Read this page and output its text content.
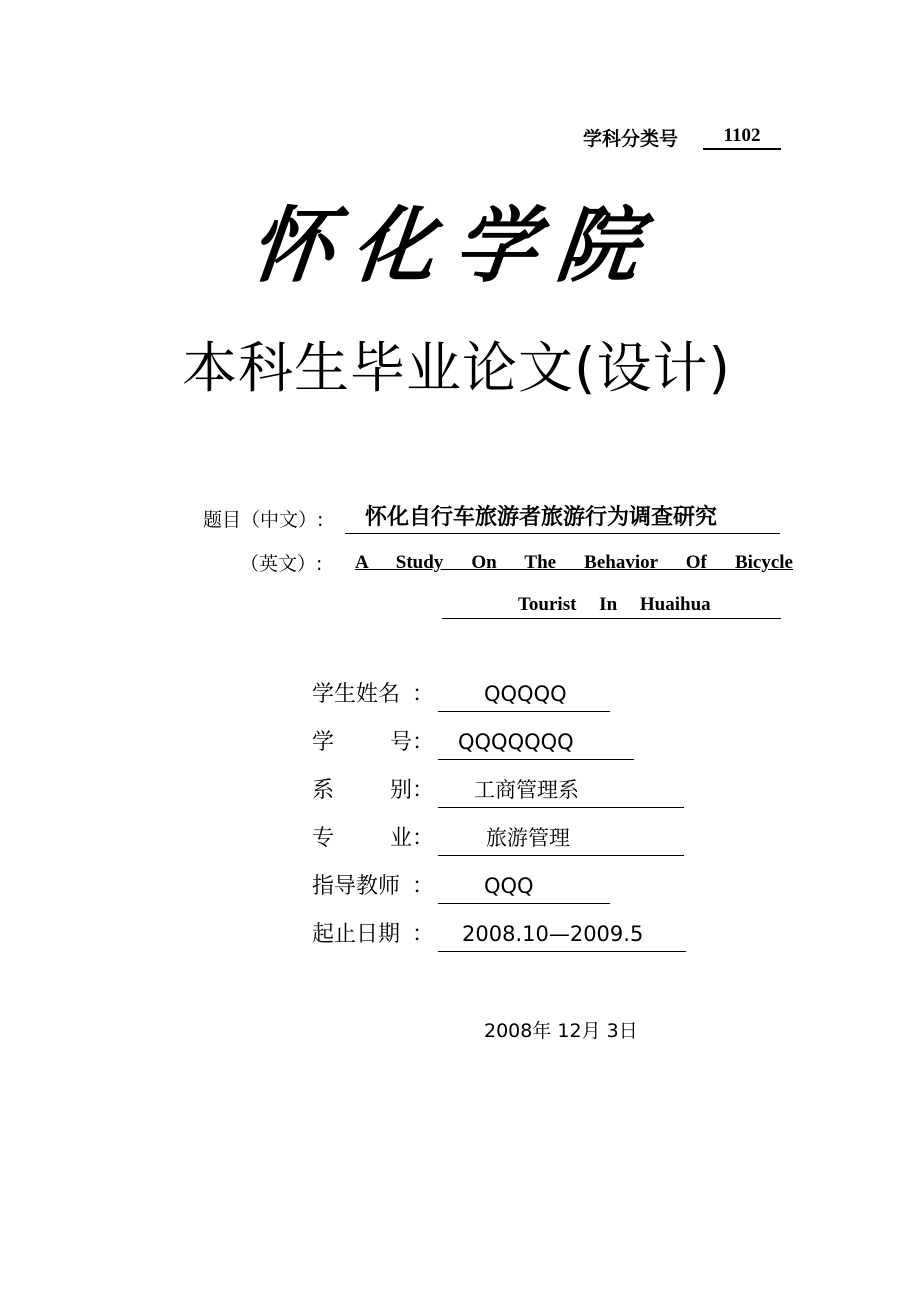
学科分类号	1102
怀化学院
本科生毕业论文(设计)
题目（中文）:	怀化自行车旅游者旅游行为调查研究
（英文）: A Study On The Behavior Of Bicycle
Tourist In Huaihua
学生姓名 ：	QQQQQ
学号 ：	QQQQQQQ
系别 ：	工商管理系
专业 ：	旅游管理
指导教师 ：	QQQ
起止日期 ：	2008.10—2009.5
2008年 12月 3日
